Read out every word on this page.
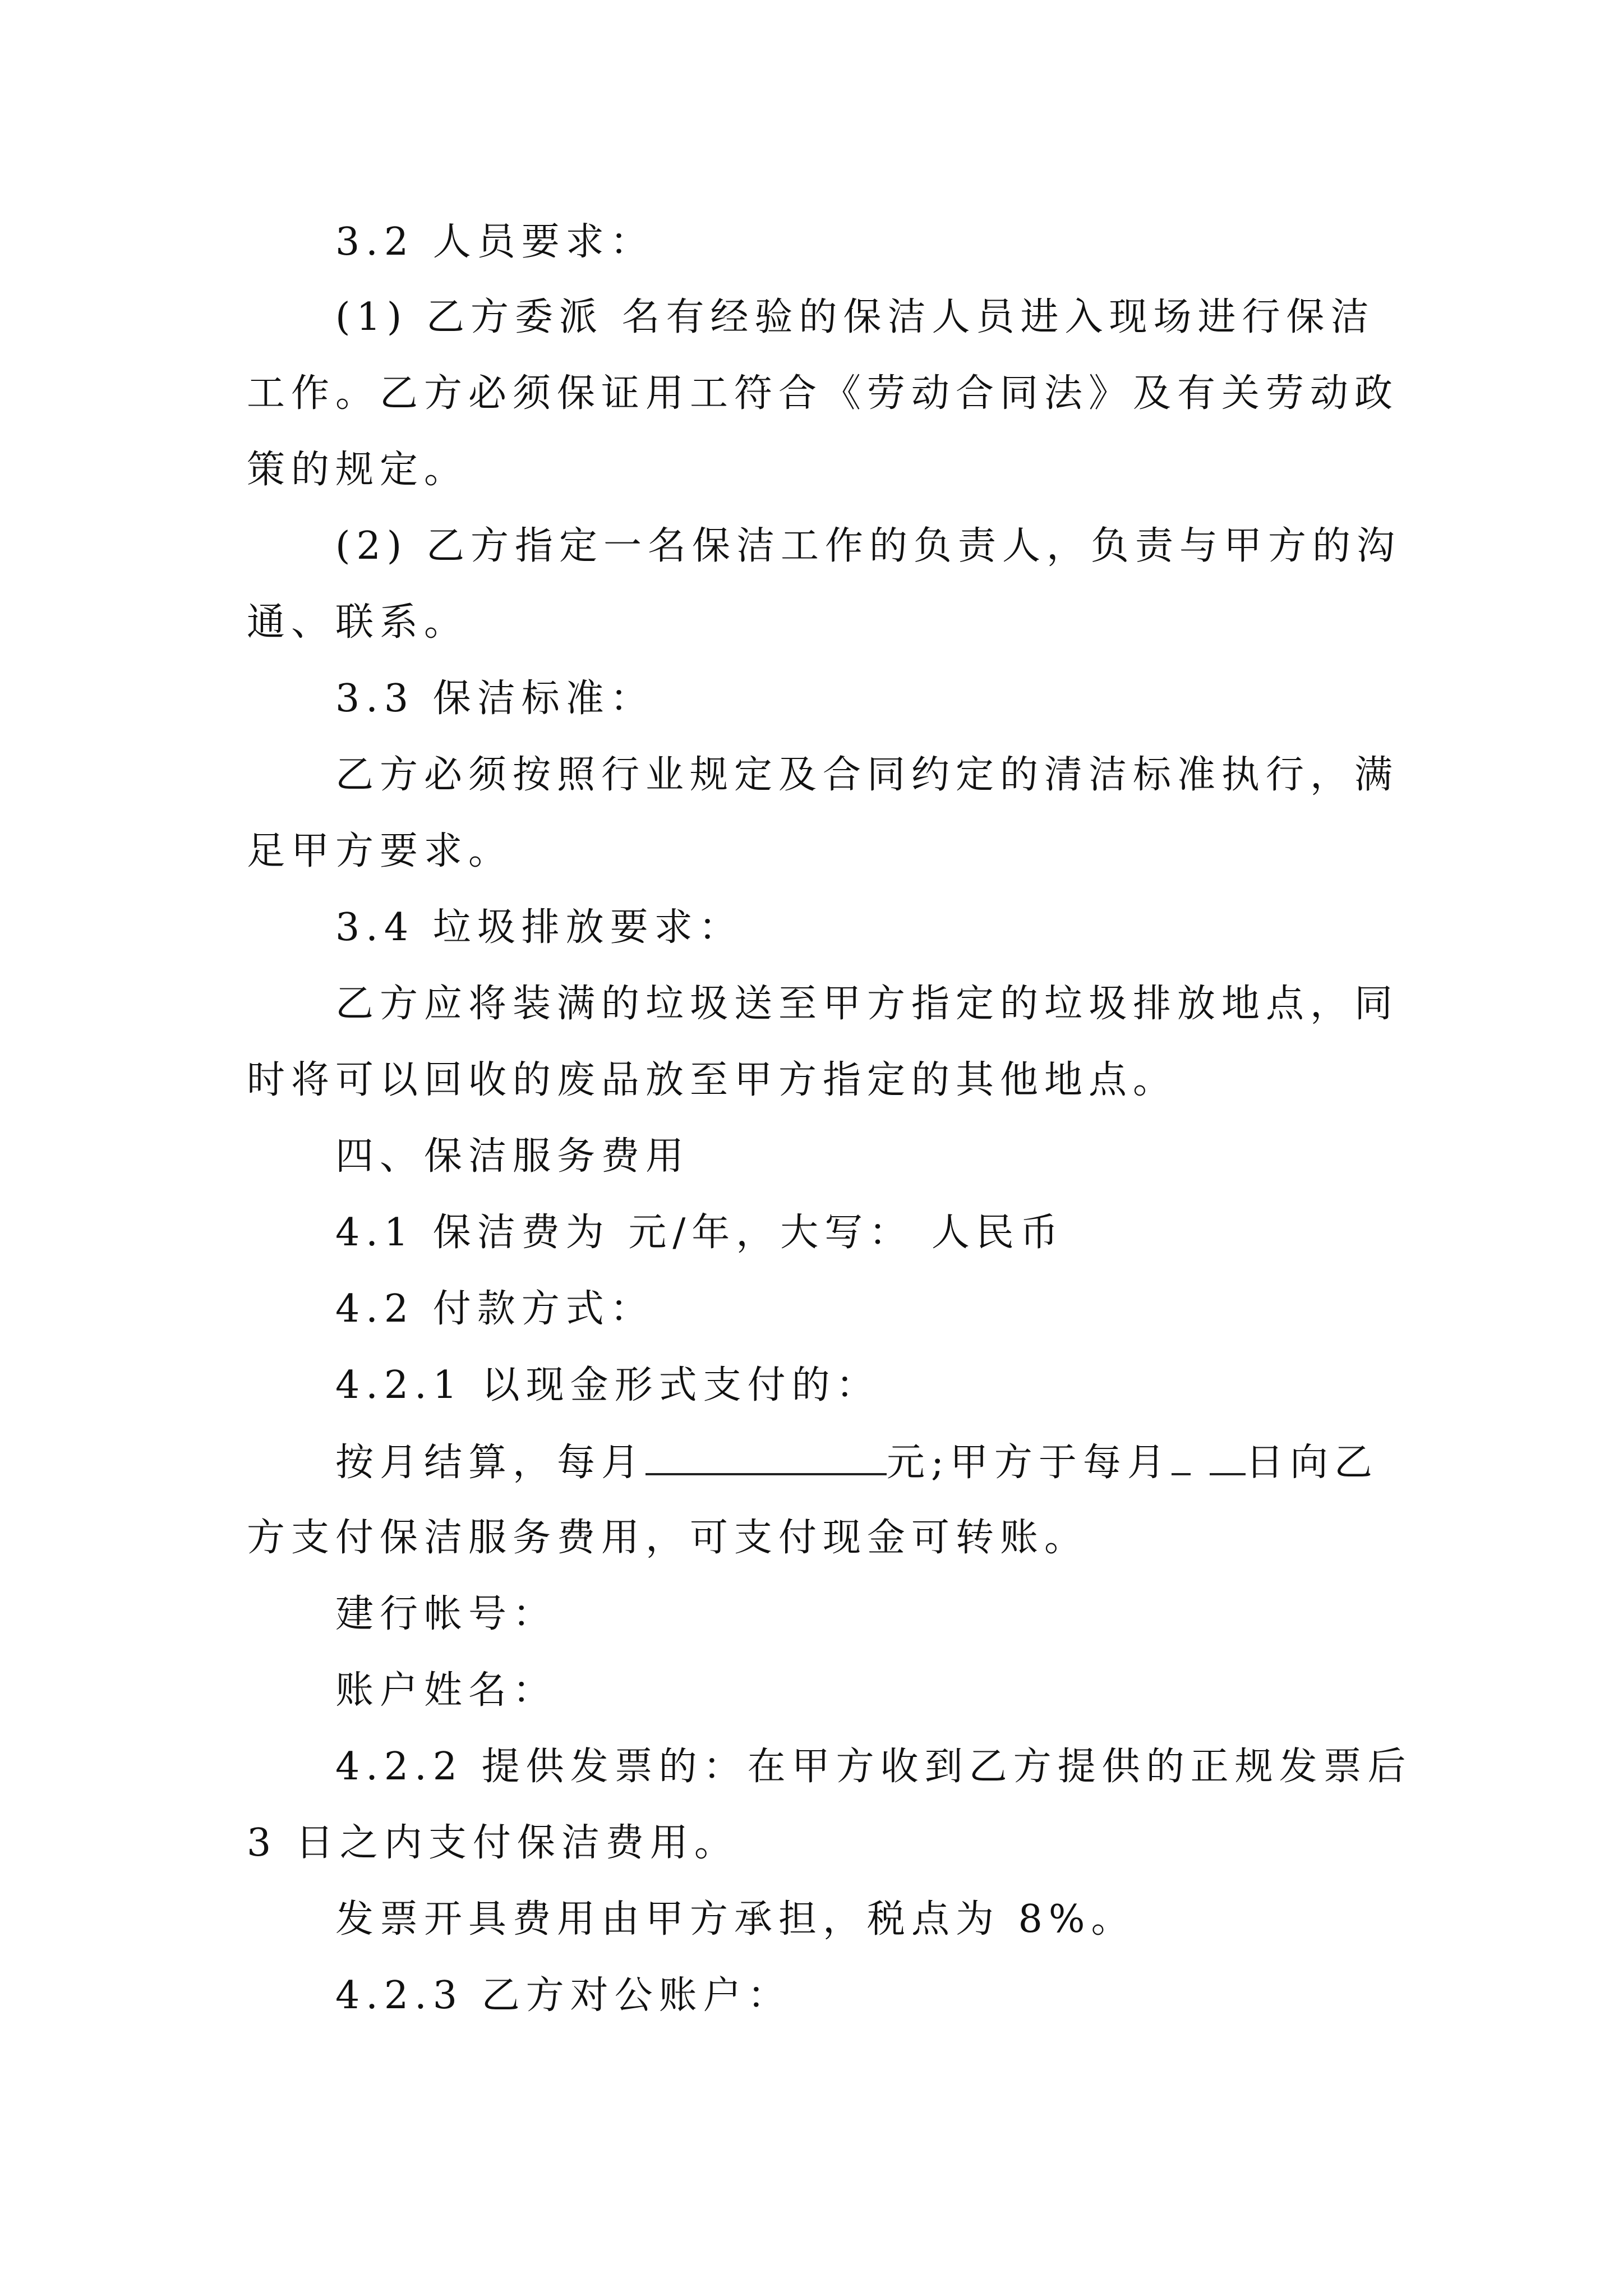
3.2 人员要求：
(1) 乙方委派 名有经验的保洁人员进入现场进行保洁
工作。乙方必须保证用工符合《劳动合同法》及有关劳动政
策的规定。
(2) 乙方指定一名保洁工作的负责人，负责与甲方的沟
通、联系。
3.3 保洁标准：
乙方必须按照行业规定及合同约定的清洁标准执行，满
足甲方要求。
3.4 垃圾排放要求：
乙方应将装满的垃圾送至甲方指定的垃圾排放地点，同
时将可以回收的废品放至甲方指定的其他地点。
四、保洁服务费用
4.1 保洁费为 元/年，大写： 人民币
4.2 付款方式：
4.2.1 以现金形式支付的：
按月结算，每月	元;甲方于每月 日向乙
方支付保洁服务费用，可支付现金可转账。
建行帐号：
账户姓名：
4.2.2 提供发票的：在甲方收到乙方提供的正规发票后
3 日之内支付保洁费用。
发票开具费用由甲方承担，税点为 8%。
4.2.3 乙方对公账户：
